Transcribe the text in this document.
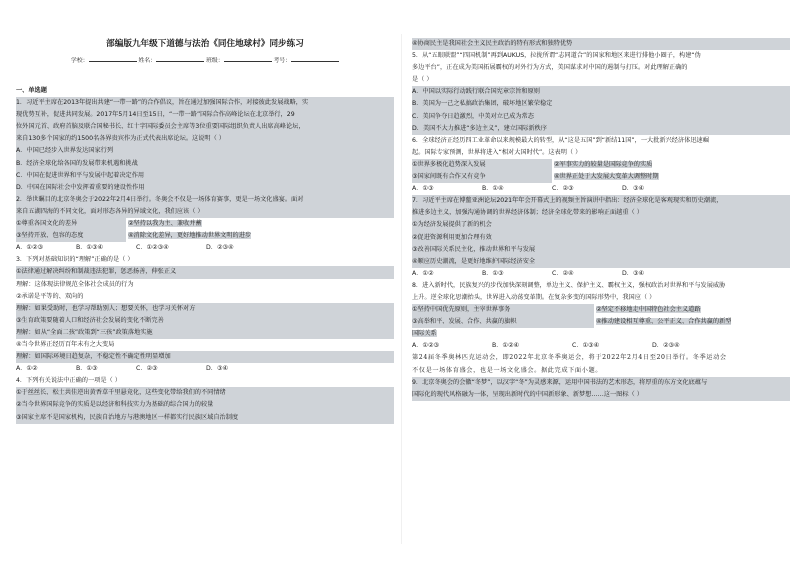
部编版九年级下道德与法治《同住地球村》同步练习
学校：	姓名：	班级：	考号：
一、单选题
1．习近平主席在2013年提出共建“一带一路”的合作倡议，旨在通过加强国际合作，对接彼此发展战略，实
现优势互补，促进共同发展。2017年5月14日至15日，“一带一路”国际合作高峰论坛在北京举行，29
位外国元首、政府首脑及联合国秘书长、红十字国际委员会主席等3位重要国际组织负责人出席高峰论坛，
来自130多个国家的约1500名各界贵宾作为正式代表出席论坛。这说明（ ）
A．中国已经步入世界发达国家行列
B．经济全球化给各国的发展带来机遇和挑战
C．中国在促进世界和平与发展中起着决定作用
D．中国在国际社会中发挥着重要的建设性作用
2．举世瞩目的北京冬奥会于2022年2月4日举行。冬奥会不仅是一场体育赛事，更是一场文化盛宴。面对
来自五湖四海的不同文化，面对形态各异的异域文化，我们应该（ ）
①尊重各国文化的差异	②坚持以我为主、兼收并蓄
③坚持开放、包容的态度	④消除文化差异，更好地推动世界文明的进步
A．①②③	B．①③④	C．①②③④	D．②③④
3．下列对基础知识的“理解”正确的是（ ）
①法律通过解决纠纷和制裁违法犯罪，惩恶扬善，伸张正义
理解：这体现法律规范全体社会成员的行为
②承诺是平等的、双向的
理解：如果受助时，也学习帮助别人；想要关怀，也学习关怀对方
③生育政策要随着人口和经济社会发展的变化不断完善
理解：如从“全面二孩”政策到“三孩”政策落地实施
④当今世界正经历百年未有之大变局
理解：如国际环境日趋复杂，不稳定性不确定性明显增加
A．①②	B．①③	C．②③	D．③④
4．下列有关说法中正确的一项是（ ）
①于丝丝长、松土共佳逆出黄香草千里悬竟化，这些变化带给我们的不同情绪
②当今世界国际竞争的实质是以经济和科技实力为基础的综合国力的较量
③国家主席不是国家机构，民族自治地方与港澳地区一样都实行民族区域自治制度
④协商民主是我国社会主义民主政治的特有形式和独特优势
5．从“五眼联盟”“四国机制”再到AUKUS，拉拢所谓“志同道合”的国家和地区来进行排他小圈子，构建“伪
多边平台”，正在成为美国拓展霸权的对外行为方式，美国谋求对中国的遏制与打压。对此理解正确的
是（ ）
A．中国以实际行动践行联合国宪章宗旨和原则
B．美国为一己之私搞政治集团，破坏地区繁荣稳定
C．美国争夺日趋激烈，中美对立已成为常态
D．美国不大力推进“多边主义”，建立国际新秩序
6．全球经济正经历四工业革命以来规模最大的转型，从“这是五国”到“新结11国”，一大批新兴经济体迅速崛
起。国际专家预测，世界将进入“相对大国时代”。这表明（ ）
①世界多极化趋势深入发展	②军事实力的较量是国际竞争的实质
③国家间既有合作又有竞争	④世界正处于大发展大变革大调整时期
A．①③	B．①④	C．②③	D．③④
7．习近平主席在博鳌亚洲论坛2021年年会开幕式上的视频主旨演讲中指出：经济全球化是客观现实和历史潮流，
推进多边主义，加强沟通协调的世界经济体制；经济全球化带来的影响正面越重（ ）
①为经济发展提供了新的机会
②促进资源利用更加合理有效
③改善国际关系民主化，推动世界和平与发展
④顺应历史潮流，是更好地维护国际经济安全
A．①②	B．①③	C．②④	D．③④
8．进入新时代，民族复兴的步伐加快深刻调整，单边主义、保护主义、霸权主义，强权政治对世界和平与发展威胁
上升。逆全球化思潮抬头，世界进入动荡变革期。在复杂多变的国际形势中，我国应（ ）
①坚持中国优先原则，主宰世界事务	②坚定不移地走中国特色社会主义道路
③高举和平、发展、合作、共赢的旗帜	④推动建设相互尊重、公平正义、合作共赢的新型
国际关系
A．①②③	B．①②④	C．①③④	D．②③④
第24届冬季奥林匹克运动会，即2022年北京冬季奥运会，将于2022年2月4日至20日举行。冬季运动会
不仅是一场体育盛会，也是一场文化盛会。据此完成下面小题。
9．北京冬奥会的会徽“冬梦”，以汉字“冬”为灵感来源，运用中国书法的艺术形态，将厚重的东方文化底蕴与
国际化的现代风格融为一体，呈现出新时代的中国新形象、新梦想……这一图标（ ）
